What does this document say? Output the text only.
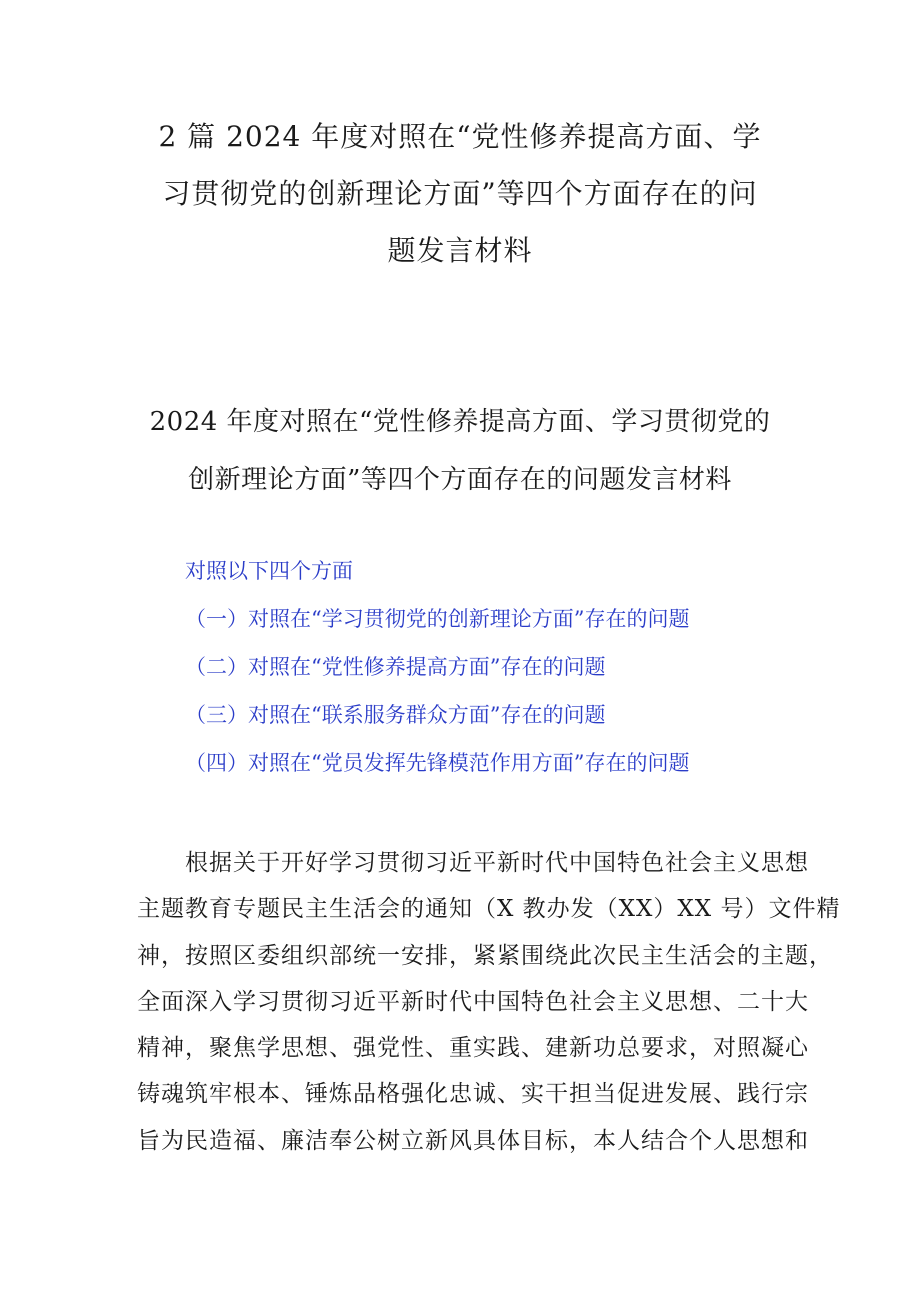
2 篇 2024 年度对照在“党性修养提高方面、学
习贯彻党的创新理论方面”等四个方面存在的问
题发言材料
2024 年度对照在“党性修养提高方面、学习贯彻党的
创新理论方面”等四个方面存在的问题发言材料
对照以下四个方面
（一）对照在“学习贯彻党的创新理论方面”存在的问题
（二）对照在“党性修养提高方面”存在的问题
（三）对照在“联系服务群众方面”存在的问题
（四）对照在“党员发挥先锋模范作用方面”存在的问题

根据关于开好学习贯彻习近平新时代中国特色社会主义思想
主题教育专题民主生活会的通知（X 教办发（XX）XX 号）文件精
神，按照区委组织部统一安排，紧紧围绕此次民主生活会的主题，
全面深入学习贯彻习近平新时代中国特色社会主义思想、二十大
精神，聚焦学思想、强党性、重实践、建新功总要求，对照凝心
铸魂筑牢根本、锤炼品格强化忠诚、实干担当促进发展、践行宗
旨为民造福、廉洁奉公树立新风具体目标，本人结合个人思想和
